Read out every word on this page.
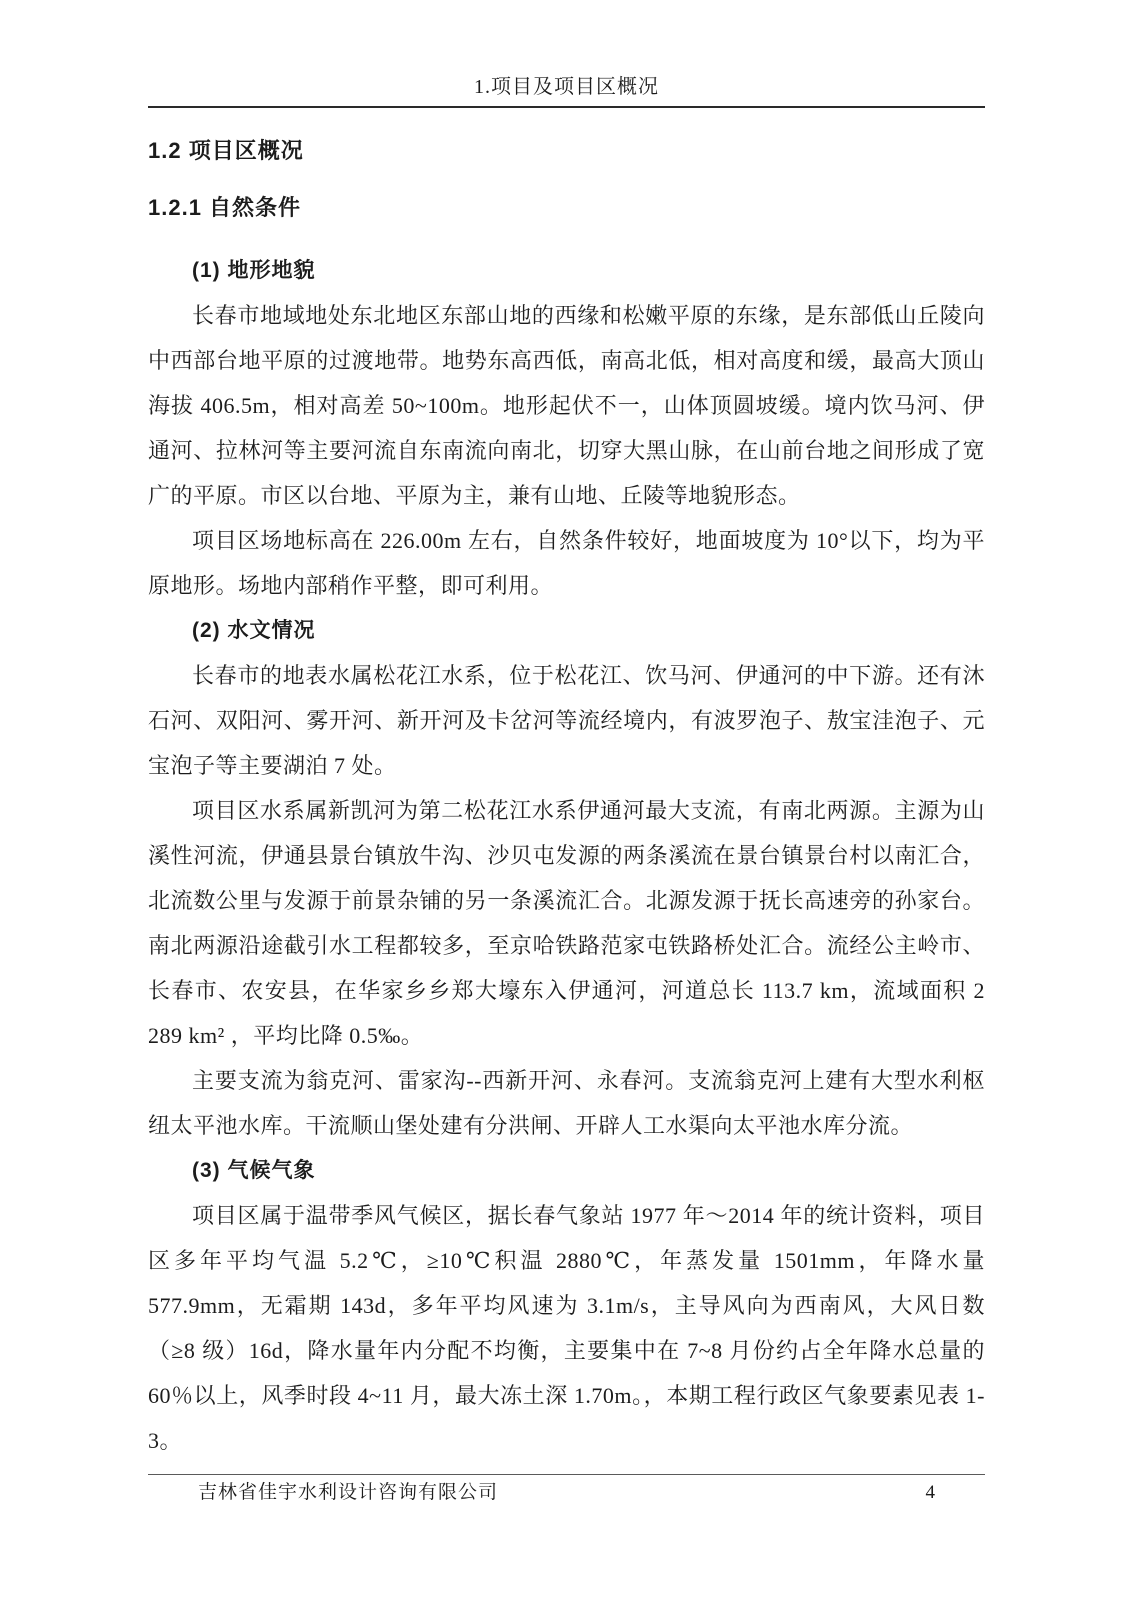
1.项目及项目区概况
1.2 项目区概况
1.2.1 自然条件
(1) 地形地貌

长春市地域地处东北地区东部山地的西缘和松嫩平原的东缘，是东部低山丘陵向中西部台地平原的过渡地带。地势东高西低，南高北低，相对高度和缓，最高大顶山海拔 406.5m，相对高差 50~100m。地形起伏不一，山体顶圆坡缓。境内饮马河、伊通河、拉林河等主要河流自东南流向南北，切穿大黑山脉，在山前台地之间形成了宽广的平原。市区以台地、平原为主，兼有山地、丘陵等地貌形态。

项目区场地标高在 226.00m 左右，自然条件较好，地面坡度为 10°以下，均为平原地形。场地内部稍作平整，即可利用。

(2) 水文情况

长春市的地表水属松花江水系，位于松花江、饮马河、伊通河的中下游。还有沐石河、双阳河、雾开河、新开河及卡岔河等流经境内，有波罗泡子、敖宝洼泡子、元宝泡子等主要湖泊 7 处。

项目区水系属新凯河为第二松花江水系伊通河最大支流，有南北两源。主源为山溪性河流，伊通县景台镇放牛沟、沙贝屯发源的两条溪流在景台镇景台村以南汇合，北流数公里与发源于前景杂铺的另一条溪流汇合。北源发源于抚长高速旁的孙家台。南北两源沿途截引水工程都较多，至京哈铁路范家屯铁路桥处汇合。流经公主岭市、长春市、农安县，在华家乡乡郑大壕东入伊通河，河道总长 113.7 km，流域面积 2 289 km² ，平均比降 0.5‰。

主要支流为翁克河、雷家沟--西新开河、永春河。支流翁克河上建有大型水利枢纽太平池水库。干流顺山堡处建有分洪闸、开辟人工水渠向太平池水库分流。

(3) 气候气象

项目区属于温带季风气候区，据长春气象站 1977 年～2014 年的统计资料，项目区多年平均气温 5.2℃，≥10℃积温 2880℃，年蒸发量 1501mm，年降水量 577.9mm，无霜期 143d，多年平均风速为 3.1m/s，主导风向为西南风，大风日数（≥8 级）16d，降水量年内分配不均衡，主要集中在 7~8 月份约占全年降水总量的 60％以上，风季时段 4~11 月，最大冻土深 1.70m。，本期工程行政区气象要素见表 1-3。

吉林省佳宇水利设计咨询有限公司	4
